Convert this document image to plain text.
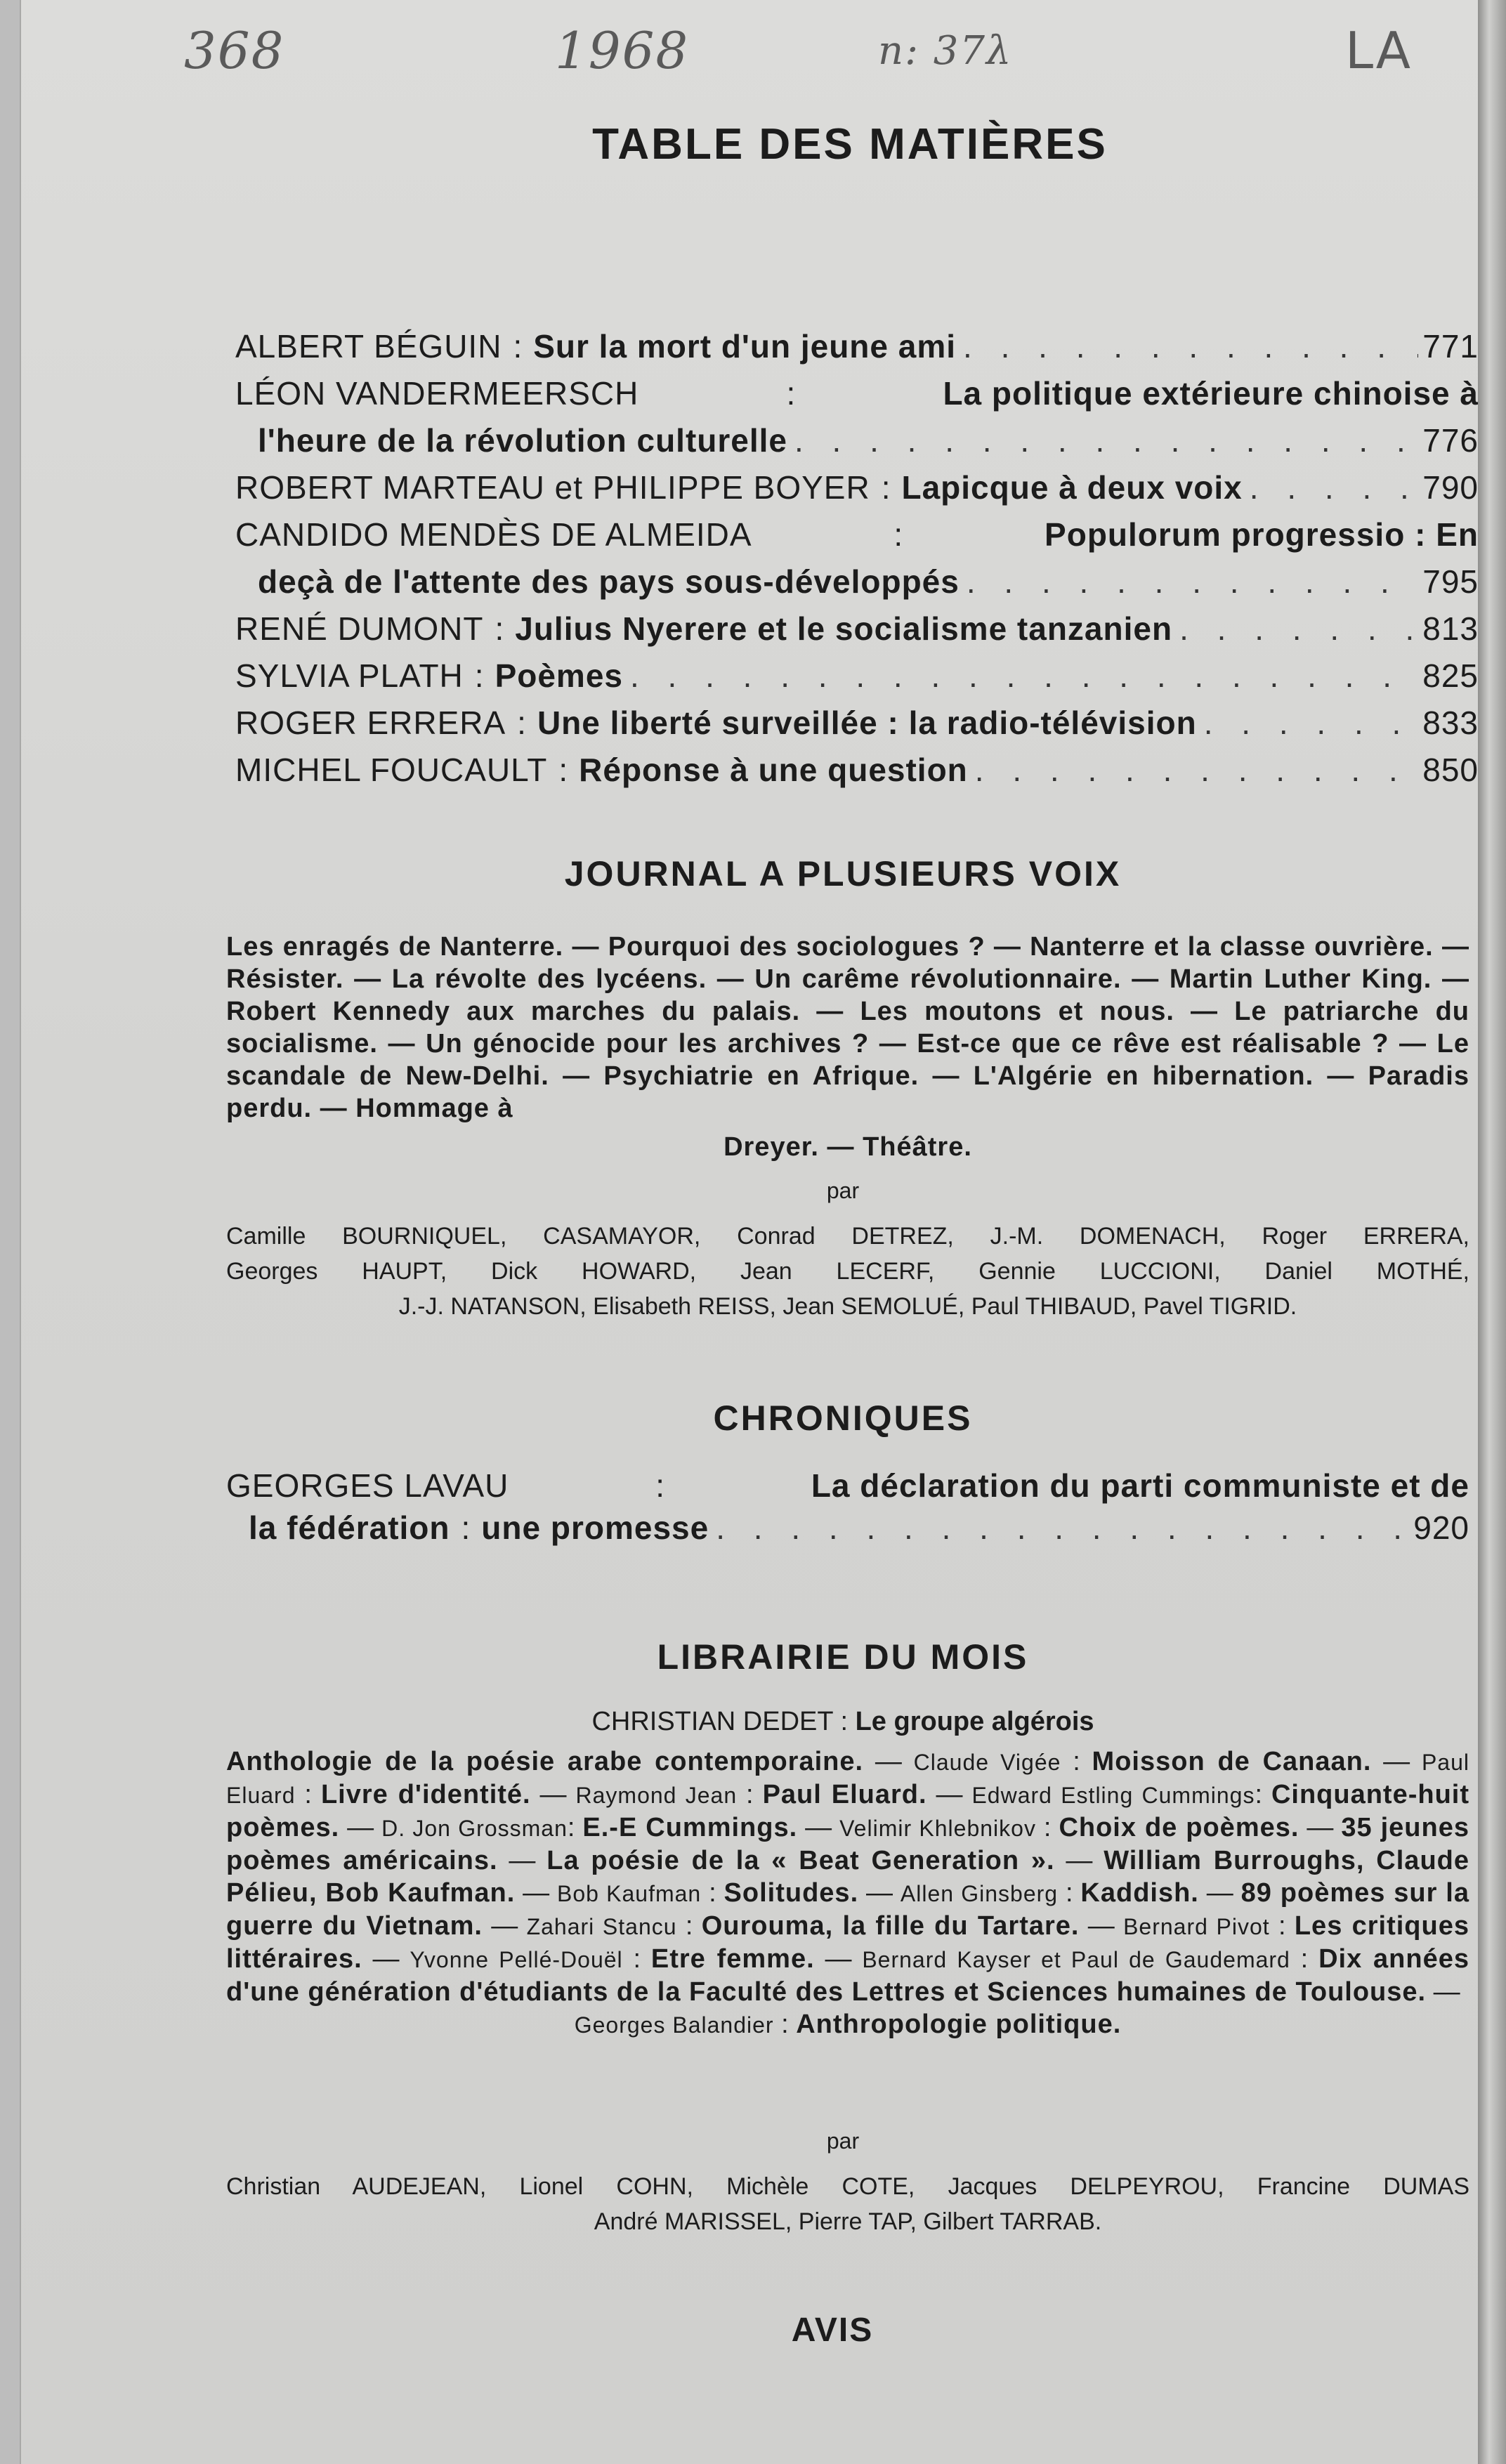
368	1968	n: 37λ	LA
TABLE DES MATIÈRES
ALBERT BÉGUIN : Sur la mort d'un jeune ami . . .	771
LÉON VANDERMEERSCH	:	La politique extérieure chinoise à
l'heure de la révolution culturelle . . .	776
ROBERT MARTEAU et PHILIPPE BOYER : Lapicque à deux voix . . .	790
CANDIDO MENDÈS DE ALMEIDA	:	Populorum progressio : En
deçà de l'attente des pays sous-développés . . .	795
RENÉ DUMONT : Julius Nyerere et le socialisme tanzanien . . .	813
SYLVIA PLATH : Poèmes . . .	825
ROGER ERRERA : Une liberté surveillée : la radio-télévision . . .	833
MICHEL FOUCAULT : Réponse à une question . . .	850
JOURNAL A PLUSIEURS VOIX
Les enragés de Nanterre. — Pourquoi des sociologues ? — Nanterre et la classe ouvrière. — Résister. — La révolte des lycéens. — Un carême révolutionnaire. — Martin Luther King. — Robert Kennedy aux marches du palais. — Les moutons et nous. — Le patriarche du socialisme. — Un génocide pour les archives ? — Est-ce que ce rêve est réalisable ? — Le scandale de New-Delhi. — Psychiatrie en Afrique. — L'Algérie en hibernation. — Paradis perdu. — Hommage à
Dreyer. — Théâtre.
par
Camille BOURNIQUEL, CASAMAYOR, Conrad DETREZ, J.-M. DOMENACH, Roger ERRERA,
Georges HAUPT, Dick HOWARD, Jean LECERF, Gennie LUCCIONI, Daniel MOTHÉ,
J.-J. NATANSON, Elisabeth REISS, Jean SEMOLUÉ, Paul THIBAUD, Pavel TIGRID.
CHRONIQUES
GEORGES LAVAU	:	La déclaration du parti communiste et de
la fédération : une promesse . . .	920
LIBRAIRIE DU MOIS
CHRISTIAN DEDET : Le groupe algérois
Anthologie de la poésie arabe contemporaine. — Claude Vigée : Moisson de Canaan. — Paul Eluard : Livre d'identité. — Raymond Jean : Paul Eluard. — Edward Estling Cummings: Cinquante-huit poèmes. — D. Jon Grossman: E.-E Cummings. — Velimir Khlebnikov : Choix de poèmes. — 35 jeunes poèmes américains. — La poésie de la « Beat Generation ». — William Burroughs, Claude Pélieu, Bob Kaufman. — Bob Kaufman : Solitudes. — Allen Ginsberg : Kaddish. — 89 poèmes sur la guerre du Vietnam. — Zahari Stancu : Ourouma, la fille du Tartare. — Bernard Pivot : Les critiques littéraires. — Yvonne Pellé-Douël : Etre femme. — Bernard Kayser et Paul de Gaudemard : Dix années d'une génération d'étudiants de la Faculté des Lettres et Sciences humaines de Toulouse. —
Georges Balandier : Anthropologie politique.
par
Christian AUDEJEAN, Lionel COHN, Michèle COTE, Jacques DELPEYROU, Francine DUMAS
André MARISSEL, Pierre TAP, Gilbert TARRAB.
AVIS
